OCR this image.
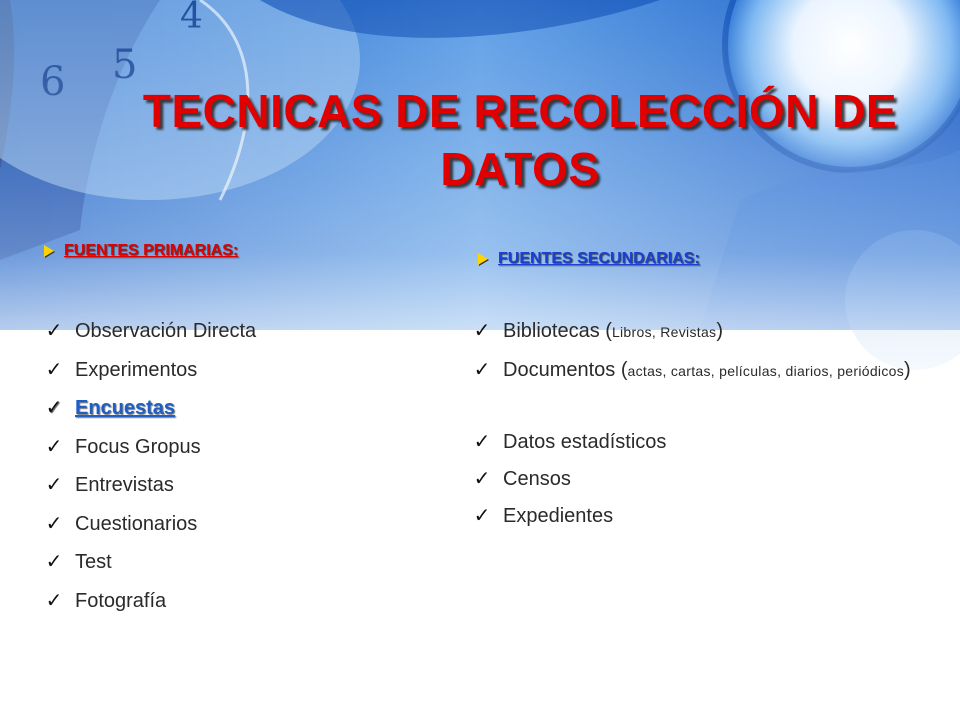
TECNICAS DE RECOLECCIÓN DE DATOS
FUENTES PRIMARIAS:
✓ Observación Directa
✓ Experimentos
✓ Encuestas
✓ Focus Gropus
✓ Entrevistas
✓ Cuestionarios
✓ Test
✓ Fotografía
FUENTES SECUNDARIAS:
✓ Bibliotecas (Libros, Revistas)
✓ Documentos (actas, cartas, películas, diarios, periódicos)
✓ Datos estadísticos
✓ Censos
✓ Expedientes
